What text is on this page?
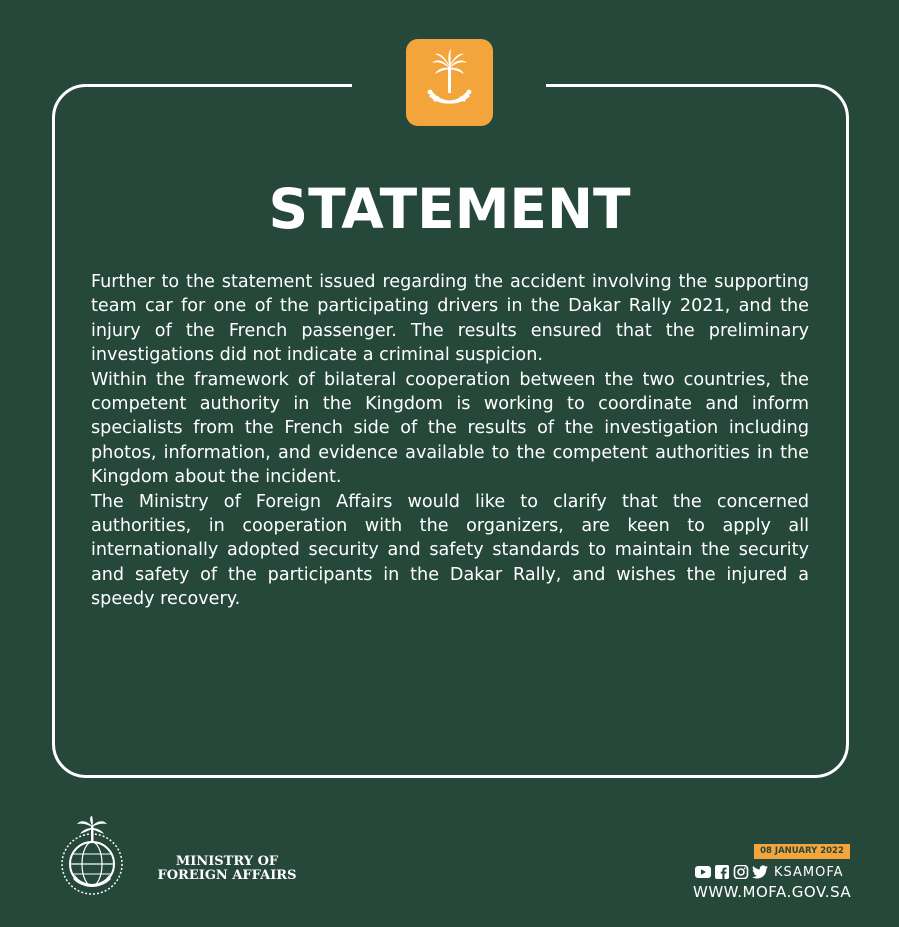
STATEMENT

Further to the statement issued regarding the accident involving the supporting team car for one of the participating drivers in the Dakar Rally 2021, and the injury of the French passenger. The results ensured that the preliminary investigations did not indicate a criminal suspicion.

Within the framework of bilateral cooperation between the two countries, the competent authority in the Kingdom is working to coordinate and inform specialists from the French side of the results of the investigation including photos, information, and evidence available to the competent authorities in the Kingdom about the incident.

The Ministry of Foreign Affairs would like to clarify that the concerned authorities, in cooperation with the organizers, are keen to apply all internationally adopted security and safety standards to maintain the security and safety of the participants in the Dakar Rally, and wishes the injured a speedy recovery.

MINISTRY OF
FOREIGN AFFAIRS
08 JANUARY 2022
KSAMOFA
WWW.MOFA.GOV.SA
